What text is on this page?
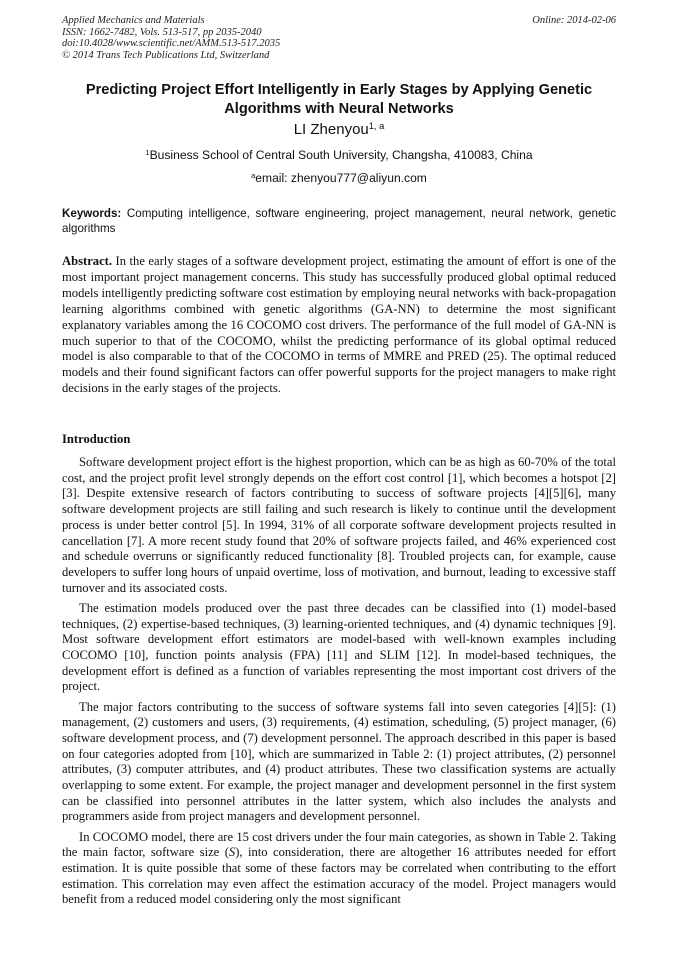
Applied Mechanics and Materials
ISSN: 1662-7482, Vols. 513-517, pp 2035-2040
doi:10.4028/www.scientific.net/AMM.513-517.2035
© 2014 Trans Tech Publications Ltd, Switzerland
Online: 2014-02-06
Predicting Project Effort Intelligently in Early Stages by Applying Genetic Algorithms with Neural Networks
LI Zhenyou$^{1, a}$
$^1$Business School of Central South University, Changsha, 410083, China
$^a$email: zhenyou777@aliyun.com
Keywords: Computing intelligence, software engineering, project management, neural network, genetic algorithms
Abstract. In the early stages of a software development project, estimating the amount of effort is one of the most important project management concerns. This study has successfully produced global optimal reduced models intelligently predicting software cost estimation by employing neural networks with back-propagation learning algorithms combined with genetic algorithms (GA-NN) to determine the most significant explanatory variables among the 16 COCOMO cost drivers. The performance of the full model of GA-NN is much superior to that of the COCOMO, whilst the predicting performance of its global optimal reduced model is also comparable to that of the COCOMO in terms of MMRE and PRED (25). The optimal reduced models and their found significant factors can offer powerful supports for the project managers to make right decisions in the early stages of the projects.
Introduction

Software development project effort is the highest proportion, which can be as high as 60-70% of the total cost, and the project profit level strongly depends on the effort cost control [1], which becomes a hotspot [2] [3]. Despite extensive research of factors contributing to success of software projects [4][5][6], many software development projects are still failing and such research is likely to continue until the development process is under better control [5]. In 1994, 31% of all corporate software development projects resulted in cancellation [7]. A more recent study found that 20% of software projects failed, and 46% experienced cost and schedule overruns or significantly reduced functionality [8]. Troubled projects can, for example, cause developers to suffer long hours of unpaid overtime, loss of motivation, and burnout, leading to excessive staff turnover and its associated costs.

The estimation models produced over the past three decades can be classified into (1) model-based techniques, (2) expertise-based techniques, (3) learning-oriented techniques, and (4) dynamic techniques [9]. Most software development effort estimators are model-based with well-known examples including COCOMO [10], function points analysis (FPA) [11] and SLIM [12]. In model-based techniques, the development effort is defined as a function of variables representing the most important cost drivers of the project.

The major factors contributing to the success of software systems fall into seven categories [4][5]: (1) management, (2) customers and users, (3) requirements, (4) estimation, scheduling, (5) project manager, (6) software development process, and (7) development personnel. The approach described in this paper is based on four categories adopted from [10], which are summarized in Table 2: (1) project attributes, (2) personnel attributes, (3) computer attributes, and (4) product attributes. These two classification systems are actually overlapping to some extent. For example, the project manager and development personnel in the first system can be classified into personnel attributes in the latter system, which also includes the analysts and programmers aside from project managers and development personnel.

In COCOMO model, there are 15 cost drivers under the four main categories, as shown in Table 2. Taking the main factor, software size (S), into consideration, there are altogether 16 attributes needed for effort estimation. It is quite possible that some of these factors may be correlated when contributing to the effort estimation. This correlation may even affect the estimation accuracy of the model. Project managers would benefit from a reduced model considering only the most significant
